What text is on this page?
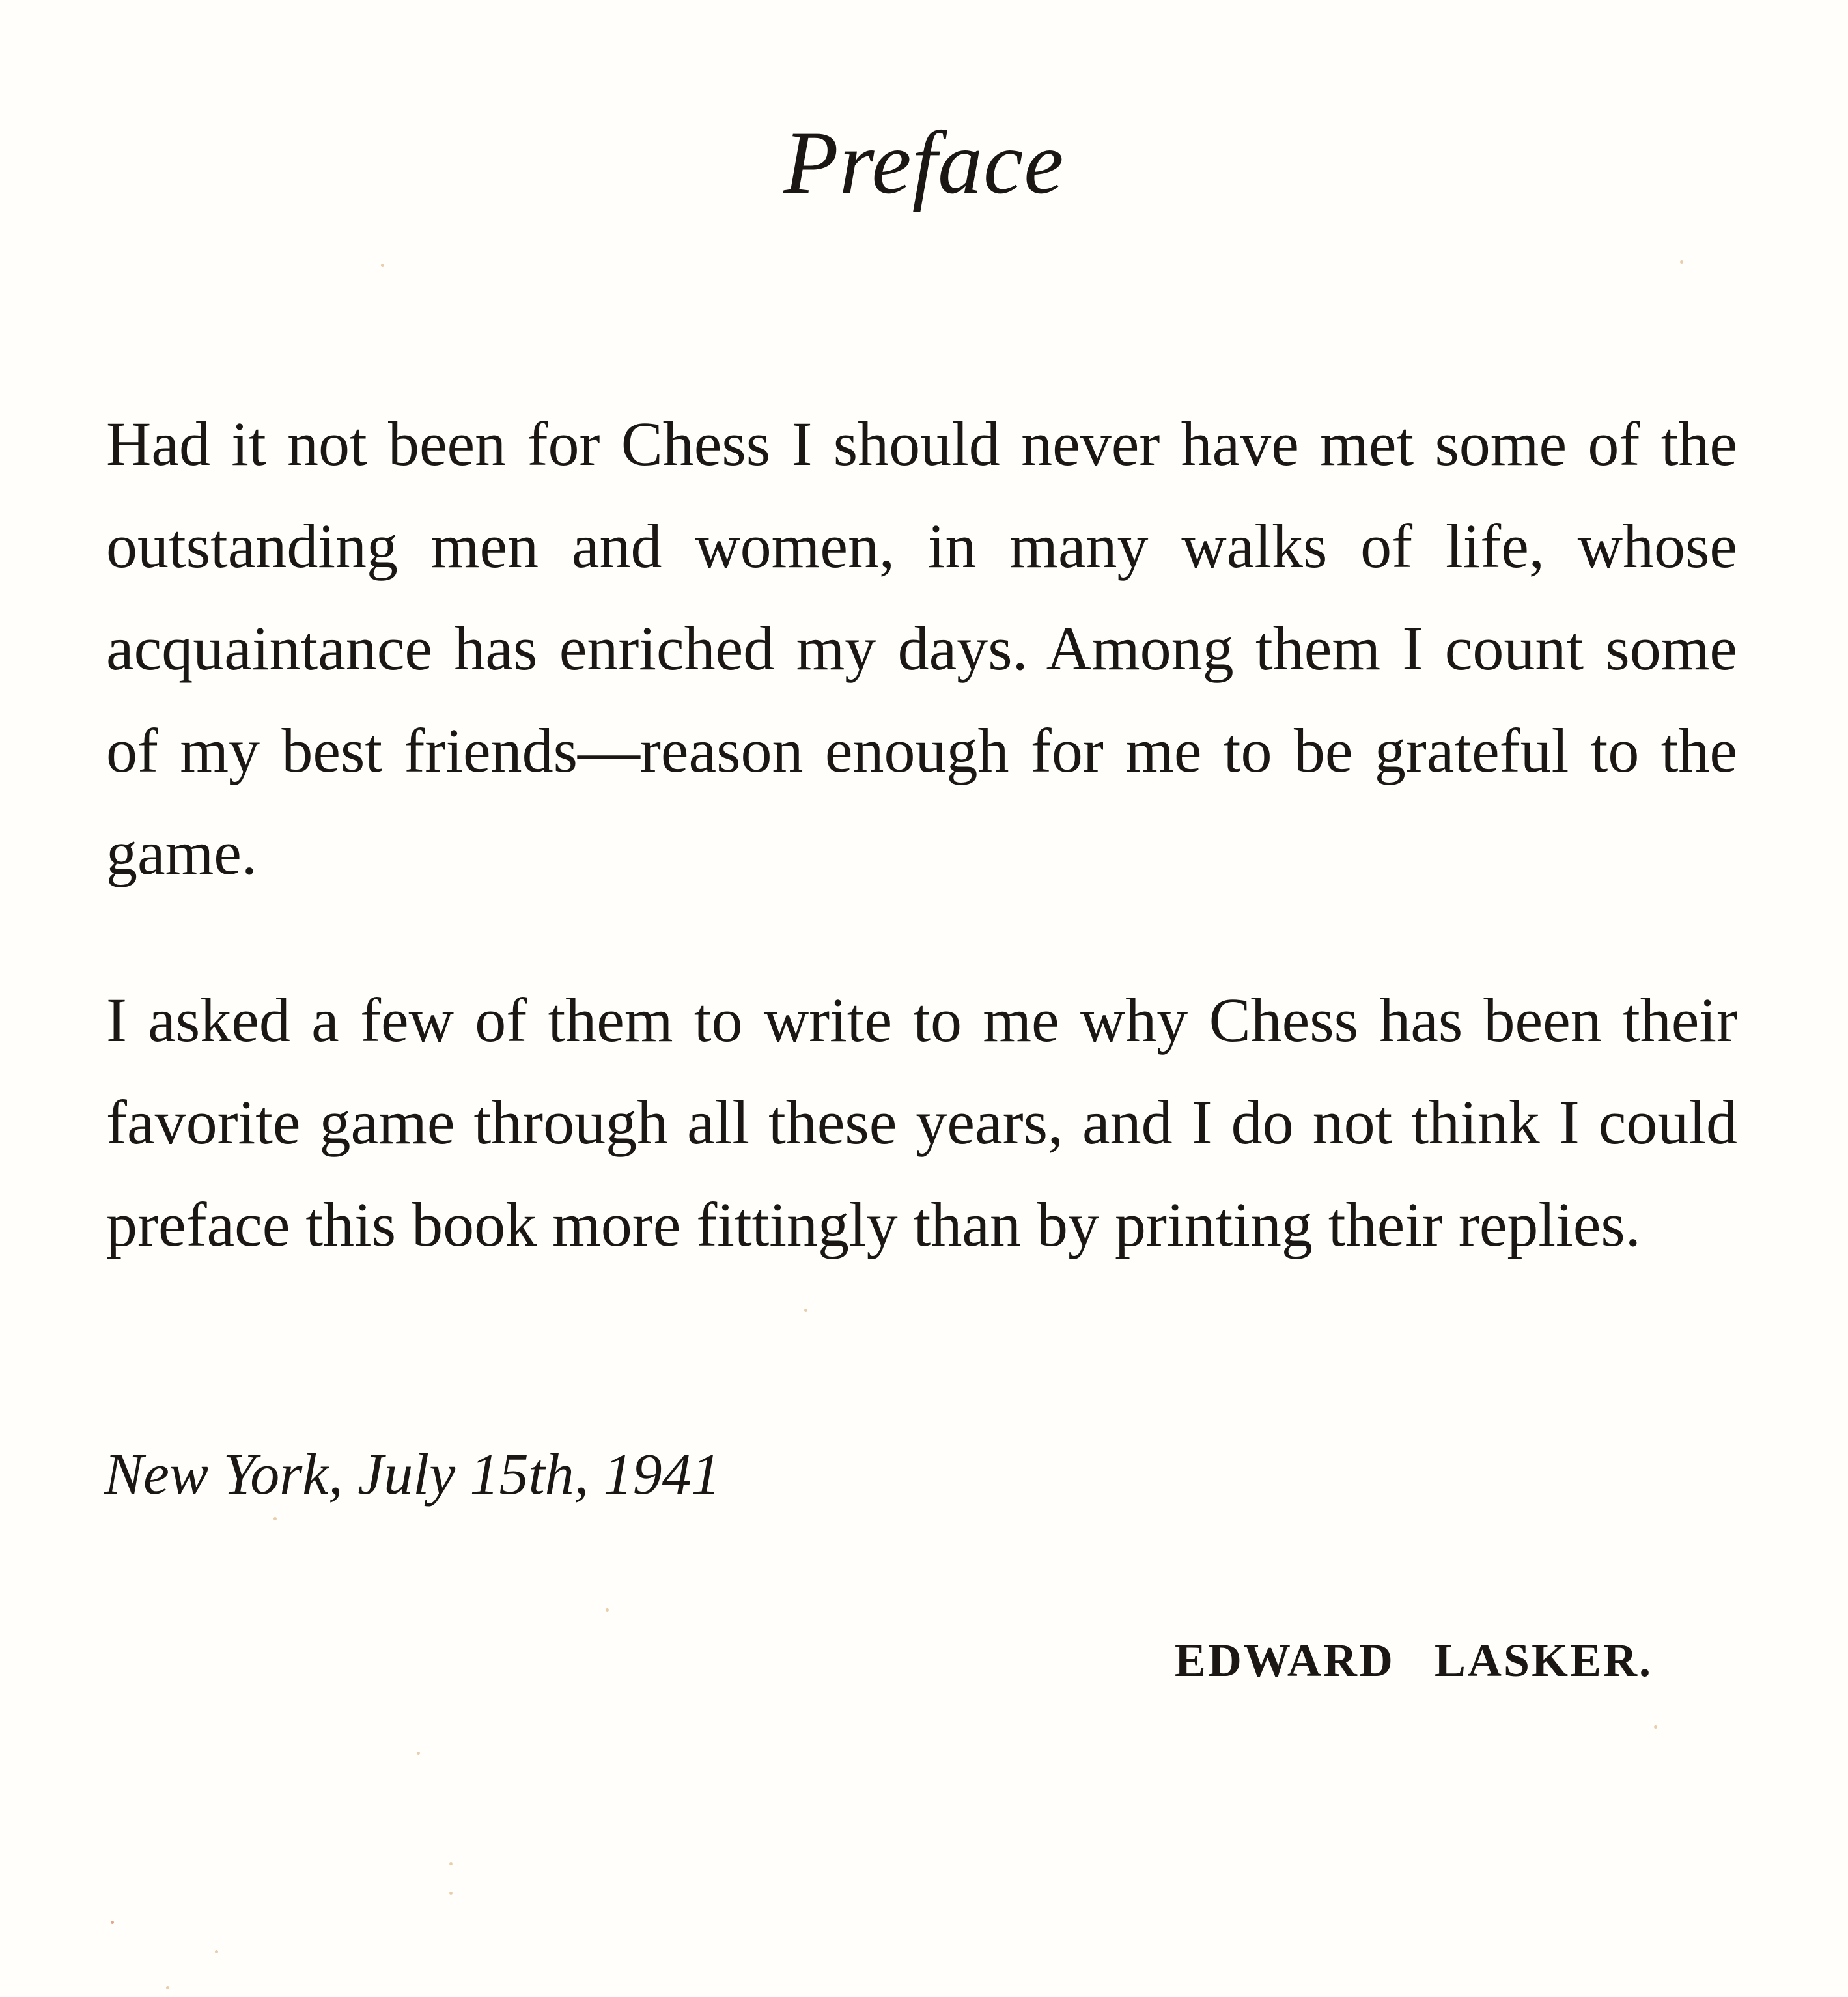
Preface

Had it not been for Chess I should never have met some of the outstanding men and women, in many walks of life, whose acquaintance has enriched my days. Among them I count some of my best friends—reason enough for me to be grateful to the game.

I asked a few of them to write to me why Chess has been their favorite game through all these years, and I do not think I could preface this book more fittingly than by printing their replies.

New York, July 15th, 1941
EDWARD LASKER.
